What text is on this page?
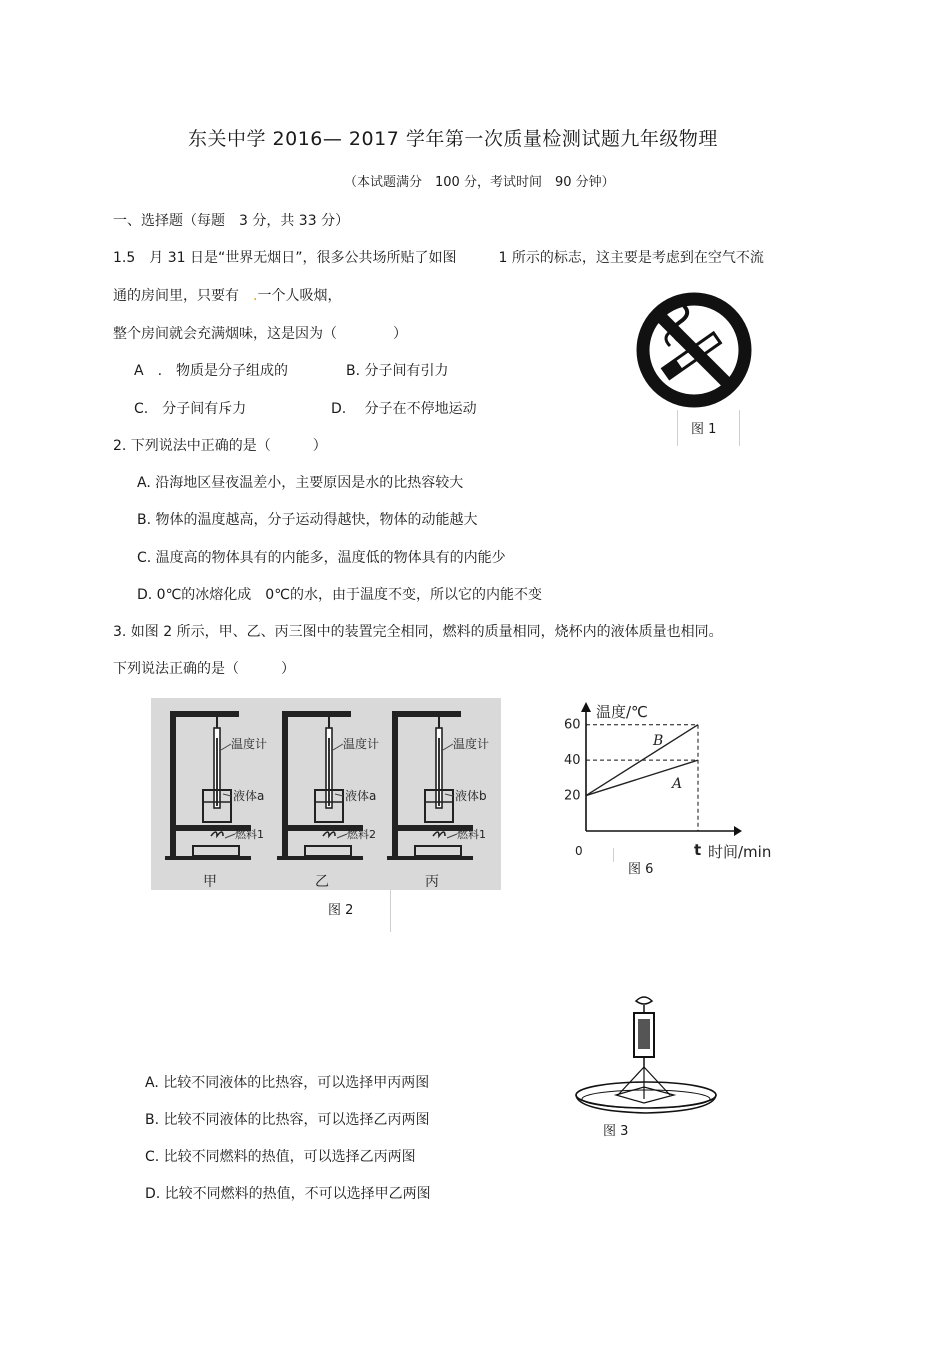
东关中学 2016— 2017 学年第一次质量检测试题九年级物理
（本试题满分　100 分，考试时间　90 分钟）
一、选择题（每题　3 分，共 33 分）
1.5　月 31 日是“世界无烟日”，很多公共场所贴了如图　　　1 所示的标志，这主要是考虑到在空气不流
通的房间里，只要有　.一个人吸烟，
整个房间就会充满烟味，这是因为（　　　　）
A　.　物质是分子组成的	B. 分子间有引力
C.　分子间有斥力	D.　 分子在不停地运动
图 1
2. 下列说法中正确的是（　　　）
A. 沿海地区昼夜温差小，主要原因是水的比热容较大
B. 物体的温度越高，分子运动得越快，物体的动能越大
C. 温度高的物体具有的内能多，温度低的物体具有的内能少
D. 0℃的冰熔化成　0℃的水，由于温度不变，所以它的内能不变
3. 如图 2 所示，甲、乙、丙三图中的装置完全相同，燃料的质量相同，烧杯内的液体质量也相同。
下列说法正确的是（　　　）
温度计
液体a
燃料1
甲
温度计
液体a
燃料2
乙
温度计
液体b
燃料1
丙
图 2
温度/℃
时间/min
0
20
40
60
t
A
B
图 6
图 3
A. 比较不同液体的比热容，可以选择甲丙两图
B. 比较不同液体的比热容，可以选择乙丙两图
C. 比较不同燃料的热值，可以选择乙丙两图
D. 比较不同燃料的热值，不可以选择甲乙两图
